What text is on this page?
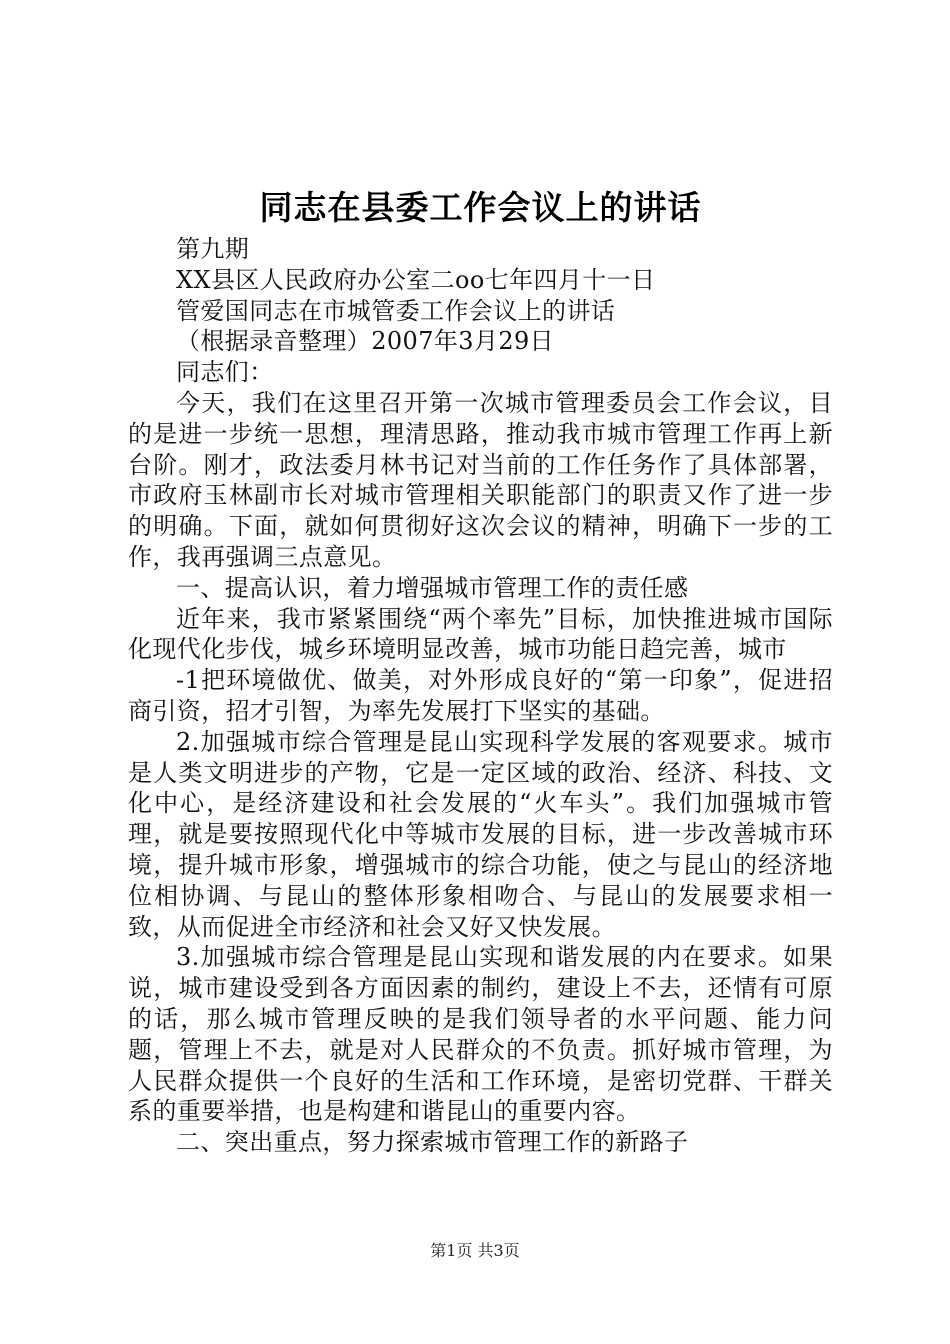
同志在县委工作会议上的讲话

第九期

XX县区人民政府办公室二oo七年四月十一日

管爱国同志在市城管委工作会议上的讲话

（根据录音整理）2007年3月29日

同志们：

今天，我们在这里召开第一次城市管理委员会工作会议，目的是进一步统一思想，理清思路，推动我市城市管理工作再上新台阶。刚才，政法委月林书记对当前的工作任务作了具体部署，市政府玉林副市长对城市管理相关职能部门的职责又作了进一步的明确。下面，就如何贯彻好这次会议的精神，明确下一步的工作，我再强调三点意见。

一、提高认识，着力增强城市管理工作的责任感

近年来，我市紧紧围绕“两个率先”目标，加快推进城市国际化现代化步伐，城乡环境明显改善，城市功能日趋完善，城市

-1把环境做优、做美，对外形成良好的“第一印象”，促进招商引资，招才引智，为率先发展打下坚实的基础。

2.加强城市综合管理是昆山实现科学发展的客观要求。城市是人类文明进步的产物，它是一定区域的政治、经济、科技、文化中心，是经济建设和社会发展的“火车头”。我们加强城市管理，就是要按照现代化中等城市发展的目标，进一步改善城市环境，提升城市形象，增强城市的综合功能，使之与昆山的经济地位相协调、与昆山的整体形象相吻合、与昆山的发展要求相一致，从而促进全市经济和社会又好又快发展。

3.加强城市综合管理是昆山实现和谐发展的内在要求。如果说，城市建设受到各方面因素的制约，建设上不去，还情有可原的话，那么城市管理反映的是我们领导者的水平问题、能力问题，管理上不去，就是对人民群众的不负责。抓好城市管理，为人民群众提供一个良好的生活和工作环境，是密切党群、干群关系的重要举措，也是构建和谐昆山的重要内容。

二、突出重点，努力探索城市管理工作的新路子

第1页 共3页
